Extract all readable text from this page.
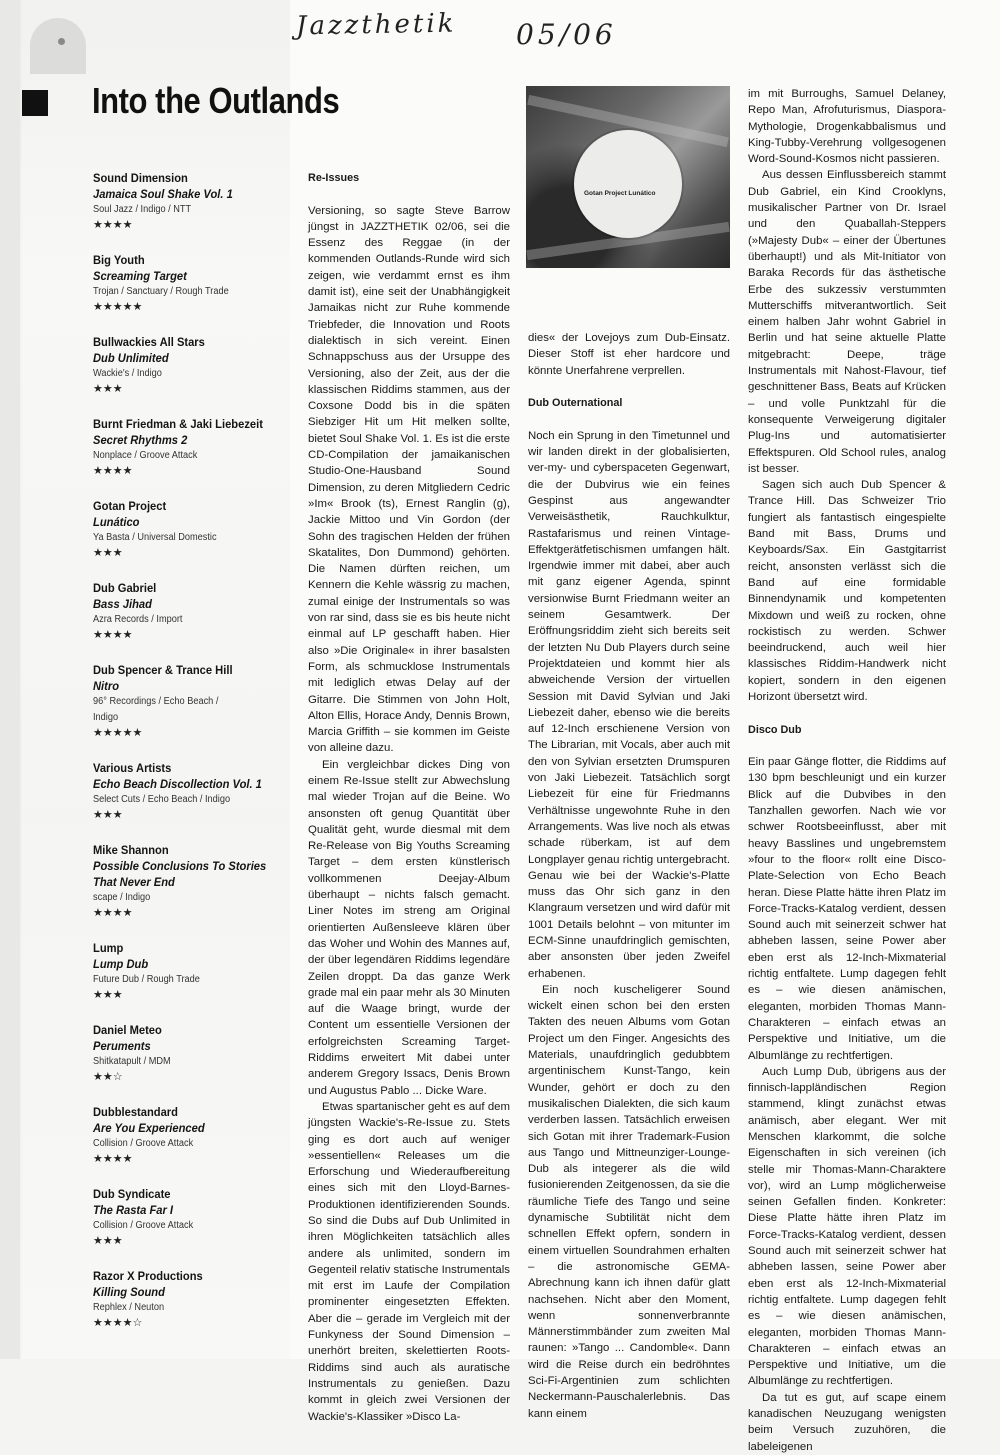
Jazzthetik 05/06
Into the Outlands
Sound Dimension
Jamaica Soul Shake Vol. 1
Soul Jazz / Indigo / NTT
★★★★
Big Youth
Screaming Target
Trojan / Sanctuary / Rough Trade
★★★★★
Bullwackies All Stars
Dub Unlimited
Wackie's / Indigo
★★★
Burnt Friedman & Jaki Liebezeit
Secret Rhythms 2
Nonplace / Groove Attack
★★★★
Gotan Project
Lunático
Ya Basta / Universal Domestic
★★★
Dub Gabriel
Bass Jihad
Azra Records / Import
★★★★
Dub Spencer & Trance Hill
Nitro
96° Recordings / Echo Beach /
Indigo
★★★★★
Various Artists
Echo Beach Discollection Vol. 1
Select Cuts / Echo Beach / Indigo
★★★
Mike Shannon
Possible Conclusions To Stories
That Never End
scape / Indigo
★★★★
Lump
Lump Dub
Future Dub / Rough Trade
★★★
Daniel Meteo
Peruments
Shitkatapult / MDM
★★☆
Dubblestandard
Are You Experienced
Collision / Groove Attack
★★★★
Dub Syndicate
The Rasta Far I
Collision / Groove Attack
★★★
Razor X Productions
Killing Sound
Rephlex / Neuton
★★★★☆
Re-Issues

Versioning, so sagte Steve Barrow jüngst in JAZZTHETIK 02/06, sei die Essenz des Reggae (in der kommenden Outlands-Runde wird sich zeigen, wie verdammt ernst es ihm damit ist), eine seit der Unabhängigkeit Jamaikas nicht zur Ruhe kommende Triebfeder, die Innovation und Roots dialektisch in sich vereint. Einen Schnappschuss aus der Ursuppe des Versioning, also der Zeit, aus der die klassischen Riddims stammen, aus der Coxsone Dodd bis in die späten Siebziger Hit um Hit melken sollte, bietet Soul Shake Vol. 1. Es ist die erste CD-Compilation der jamaikanischen Studio-One-Hausband Sound Dimension, zu deren Mitgliedern Cedric »Im« Brook (ts), Ernest Ranglin (g), Jackie Mittoo und Vin Gordon (der Sohn des tragischen Helden der frühen Skatalites, Don Dummond) gehörten. Die Namen dürften reichen, um Kennern die Kehle wässrig zu machen, zumal einige der Instrumentals so was von rar sind, dass sie es bis heute nicht einmal auf LP geschafft haben. Hier also »Die Originale« in ihrer basalsten Form, als schmucklose Instrumentals mit lediglich etwas Delay auf der Gitarre. Die Stimmen von John Holt, Alton Ellis, Horace Andy, Dennis Brown, Marcia Griffith – sie kommen im Geiste von alleine dazu.

Ein vergleichbar dickes Ding von einem Re-Issue stellt zur Abwechslung mal wieder Trojan auf die Beine. Wo ansonsten oft genug Quantität über Qualität geht, wurde diesmal mit dem Re-Release von Big Youths Screaming Target – dem ersten künstlerisch vollkommenen Deejay-Album überhaupt – nichts falsch gemacht. Liner Notes im streng am Original orientierten Außensleeve klären über das Woher und Wohin des Mannes auf, der über legendären Riddims legendäre Zeilen droppt. Da das ganze Werk grade mal ein paar mehr als 30 Minuten auf die Waage bringt, wurde der Content um essentielle Versionen der erfolgreichsten Screaming Target-Riddims erweitert Mit dabei unter anderem Gregory Issacs, Denis Brown und Augustus Pablo ... Dicke Ware.

Etwas spartanischer geht es auf dem jüngsten Wackie's-Re-Issue zu. Stets ging es dort auch auf weniger »essentiellen« Releases um die Erforschung und Wiederaufbereitung eines sich mit den Lloyd-Barnes-Produktionen identifizierenden Sounds. So sind die Dubs auf Dub Unlimited in ihren Möglichkeiten tatsächlich alles andere als unlimited, sondern im Gegenteil relativ statische Instrumentals mit erst im Laufe der Compilation prominenter eingesetzten Effekten. Aber die – gerade im Vergleich mit der Funkyness der Sound Dimension – unerhört breiten, skelettierten Roots-Riddims sind auch als auratische Instrumentals zu genießen. Dazu kommt in gleich zwei Versionen der Wackie's-Klassiker »Disco La-

Gotan Project Lunático

dies« der Lovejoys zum Dub-Einsatz. Dieser Stoff ist eher hardcore und könnte Unerfahrene verprellen.

Dub Outernational

Noch ein Sprung in den Timetunnel und wir landen direkt in der globalisierten, ver-my- und cyberspaceten Gegenwart, die der Dubvirus wie ein feines Gespinst aus angewandter Verweisästhetik, Rauchkulktur, Rastafarismus und reinen Vintage-Effektgerätfetischismen umfangen hält. Irgendwie immer mit dabei, aber auch mit ganz eigener Agenda, spinnt versionwise Burnt Friedmann weiter an seinem Gesamtwerk. Der Eröffnungsriddim zieht sich bereits seit der letzten Nu Dub Players durch seine Projektdateien und kommt hier als abweichende Version der virtuellen Session mit David Sylvian und Jaki Liebezeit daher, ebenso wie die bereits auf 12-Inch erschienene Version von The Librarian, mit Vocals, aber auch mit den von Sylvian ersetzten Drumspuren von Jaki Liebezeit. Tatsächlich sorgt Liebezeit für eine für Friedmanns Verhältnisse ungewohnte Ruhe in den Arrangements. Was live noch als etwas schade rüberkam, ist auf dem Longplayer genau richtig untergebracht. Genau wie bei der Wackie's-Platte muss das Ohr sich ganz in den Klangraum versetzen und wird dafür mit 1001 Details belohnt – von mitunter im ECM-Sinne unaufdringlich gemischten, aber ansonsten über jeden Zweifel erhabenen.

Ein noch kuscheligerer Sound wickelt einen schon bei den ersten Takten des neuen Albums vom Gotan Project um den Finger. Angesichts des Materials, unaufdringlich gedubbtem argentinischem Kunst-Tango, kein Wunder, gehört er doch zu den musikalischen Dialekten, die sich kaum verderben lassen. Tatsächlich erweisen sich Gotan mit ihrer Trademark-Fusion aus Tango und Mittneunziger-Lounge-Dub als integerer als die wild fusionierenden Zeitgenossen, da sie die räumliche Tiefe des Tango und seine dynamische Subtilität nicht dem schnellen Effekt opfern, sondern in einem virtuellen Soundrahmen erhalten – die astronomische GEMA-Abrechnung kann ich ihnen dafür glatt nachsehen. Nicht aber den Moment, wenn sonnenverbrannte Männerstimmbänder zum zweiten Mal raunen: »Tango ... Candomble«. Dann wird die Reise durch ein bedröhntes Sci-Fi-Argentinien zum schlichten Neckermann-Pauschalerlebnis. Das kann einem

im mit Burroughs, Samuel Delaney, Repo Man, Afrofuturismus, Diaspora-Mythologie, Drogenkabbalismus und King-Tubby-Verehrung vollgesogenen Word-Sound-Kosmos nicht passieren.

Aus dessen Einflussbereich stammt Dub Gabriel, ein Kind Crooklyns, musikalischer Partner von Dr. Israel und den Quaballah-Steppers (»Majesty Dub« – einer der Übertunes überhaupt!) und als Mit-Initiator von Baraka Records für das ästhetische Erbe des sukzessiv verstummten Mutterschiffs mitverantwortlich. Seit einem halben Jahr wohnt Gabriel in Berlin und hat seine aktuelle Platte mitgebracht: Deepe, träge Instrumentals mit Nahost-Flavour, tief geschnittener Bass, Beats auf Krücken – und volle Punktzahl für die konsequente Verweigerung digitaler Plug-Ins und automatisierter Effektspuren. Old School rules, analog ist besser.

Sagen sich auch Dub Spencer & Trance Hill. Das Schweizer Trio fungiert als fantastisch eingespielte Band mit Bass, Drums und Keyboards/Sax. Ein Gastgitarrist reicht, ansonsten verlässt sich die Band auf eine formidable Binnendynamik und kompetenten Mixdown und weiß zu rocken, ohne rockistisch zu werden. Schwer beeindruckend, auch weil hier klassisches Riddim-Handwerk nicht kopiert, sondern in den eigenen Horizont übersetzt wird.

Disco Dub

Ein paar Gänge flotter, die Riddims auf 130 bpm beschleunigt und ein kurzer Blick auf die Dubvibes in den Tanzhallen geworfen. Nach wie vor schwer Rootsbeeinflusst, aber mit heavy Basslines und ungebremstem »four to the floor« rollt eine Disco-Plate-Selection von Echo Beach heran. Diese Platte hätte ihren Platz im Force-Tracks-Katalog verdient, dessen Sound auch mit seinerzeit schwer hat abheben lassen, seine Power aber eben erst als 12-Inch-Mixmaterial richtig entfaltete. Lump dagegen fehlt es – wie diesen anämischen, eleganten, morbiden Thomas Mann-Charakteren – einfach etwas an Perspektive und Initiative, um die Albumlänge zu rechtfertigen.

Auch Lump Dub, übrigens aus der finnisch-lappländischen Region stammend, klingt zunächst etwas anämisch, aber elegant. Wer mit Menschen klarkommt, die solche Eigenschaften in sich vereinen (ich stelle mir Thomas-Mann-Charaktere vor), wird an Lump möglicherweise seinen Gefallen finden. Konkreter: Diese Platte hätte ihren Platz im Force-Tracks-Katalog verdient, dessen Sound auch mit seinerzeit schwer hat abheben lassen, seine Power aber eben erst als 12-Inch-Mixmaterial richtig entfaltete. Lump dagegen fehlt es – wie diesen anämischen, eleganten, morbiden Thomas Mann-Charakteren – einfach etwas an Perspektive und Initiative, um die Albumlänge zu rechtfertigen.

Da tut es gut, auf scape einem kanadischen Neuzugang wenigsten beim Versuch zuzuhören, die labeleigenen
